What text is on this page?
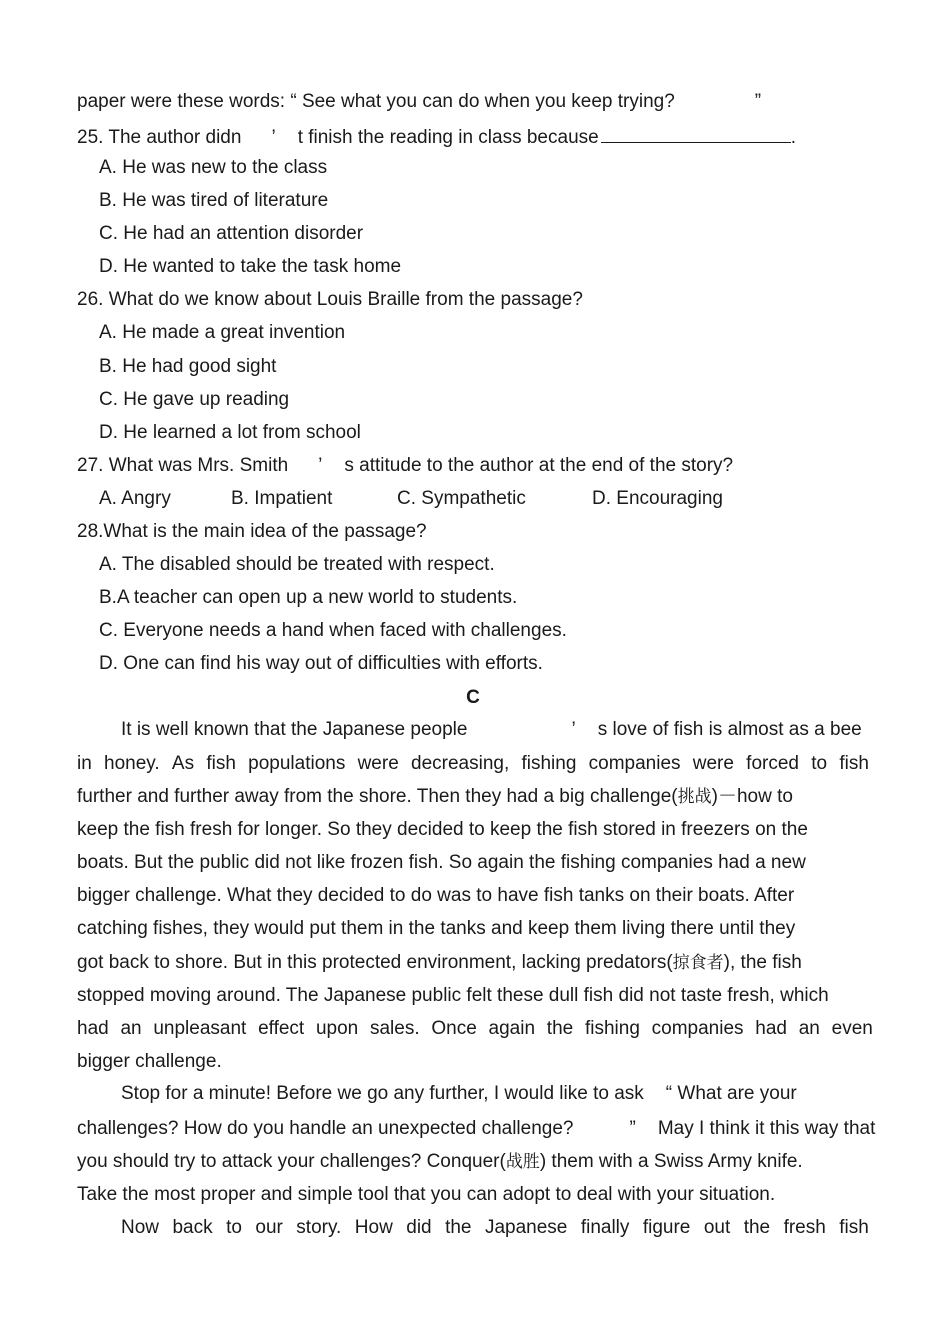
paper were these words: “ See what you can do when you keep trying?	”
25. The author didn ’ t finish the reading in class because	.
A. He was new to the class
B. He was tired of literature
C. He had an attention disorder
D. He wanted to take the task home
26. What do we know about Louis Braille from the passage?
A. He made a great invention
B. He had good sight
C. He gave up reading
D. He learned a lot from school
27. What was Mrs. Smith ’ s attitude to the author at the end of the story?
A. Angry	B. Impatient	C. Sympathetic	D. Encouraging
28.What is the main idea of the passage?
A. The disabled should be treated with respect.
B.A teacher can open up a new world to students.
C. Everyone needs a hand when faced with challenges.
D. One can find his way out of difficulties with efforts.
C
It is well known that the Japanese people	’ s love of fish is almost as a bee
in honey. As fish populations were decreasing, fishing companies were forced to fish
further and further away from the shore. Then they had a big challenge(挑战)－how to
keep the fish fresh for longer. So they decided to keep the fish stored in freezers on the
boats. But the public did not like frozen fish. So again the fishing companies had a new
bigger challenge. What they decided to do was to have fish tanks on their boats. After
catching fishes, they would put them in the tanks and keep them living there until they
got back to shore. But in this protected environment, lacking predators(掠食者), the fish
stopped moving around. The Japanese public felt these dull fish did not taste fresh, which
had an unpleasant effect upon sales. Once again the fishing companies had an even
bigger challenge.
Stop for a minute! Before we go any further, I would like to ask “ What are your
challenges? How do you handle an unexpected challenge?	” May I think it this way that
you should try to attack your challenges? Conquer(战胜) them with a Swiss Army knife.
Take the most proper and simple tool that you can adopt to deal with your situation.
Now back to our story. How did the Japanese finally figure out the fresh fish
